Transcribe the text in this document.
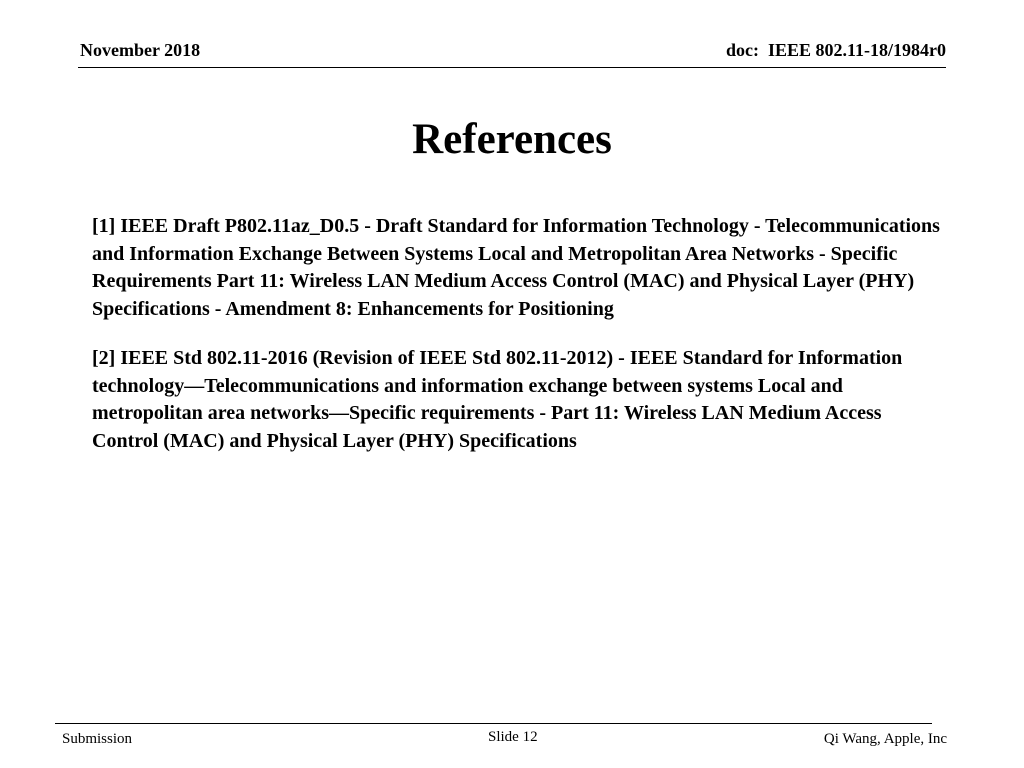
November 2018	doc:  IEEE 802.11-18/1984r0
References

[1] IEEE Draft P802.11az_D0.5 - Draft Standard for Information Technology - Telecommunications and Information Exchange Between Systems Local and Metropolitan Area Networks - Specific Requirements Part 11: Wireless LAN Medium Access Control (MAC) and Physical Layer (PHY) Specifications - Amendment 8: Enhancements for Positioning

[2] IEEE Std 802.11-2016 (Revision of IEEE Std 802.11-2012) - IEEE Standard for Information technology—Telecommunications and information exchange between systems Local and metropolitan area networks—Specific requirements - Part 11: Wireless LAN Medium Access Control (MAC) and Physical Layer (PHY) Specifications

Submission	Slide 12	Qi Wang, Apple, Inc
